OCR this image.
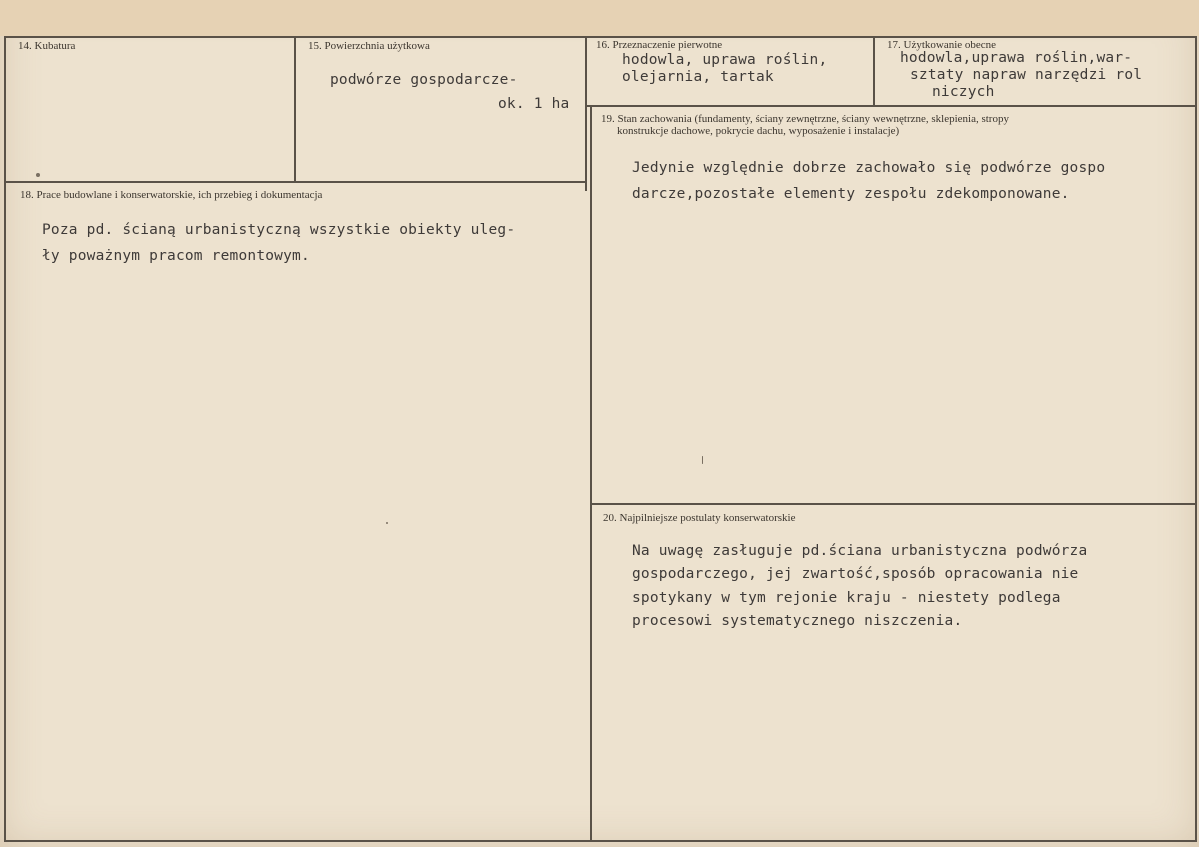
14. Kubatura	15. Powierzchnia użytkowa
podwórze gospodarcze-
ok. 1 ha
16. Przeznaczenie pierwotne
hodowla, uprawa roślin,
olejarnia, tartak
17. Użytkowanie obecne
hodowla,uprawa roślin,war-
sztaty napraw narzędzi rol
niczych
19. Stan zachowania (fundamenty, ściany zewnętrzne, ściany wewnętrzne, sklepienia, stropy
konstrukcje dachowe, pokrycie dachu, wyposażenie i instalacje)
Jedynie względnie dobrze zachowało się podwórze gospo
darcze,pozostałe elementy zespołu zdekomponowane.
18. Prace budowlane i konserwatorskie, ich przebieg i dokumentacja
Poza pd. ścianą urbanistyczną wszystkie obiekty uleg-
ły poważnym pracom remontowym.
20. Najpilniejsze postulaty konserwatorskie
Na uwagę zasługuje pd.ściana urbanistyczna podwórza
gospodarczego, jej zwartość,sposób opracowania nie
spotykany w tym rejonie kraju - niestety podlega
procesowi systematycznego niszczenia.
